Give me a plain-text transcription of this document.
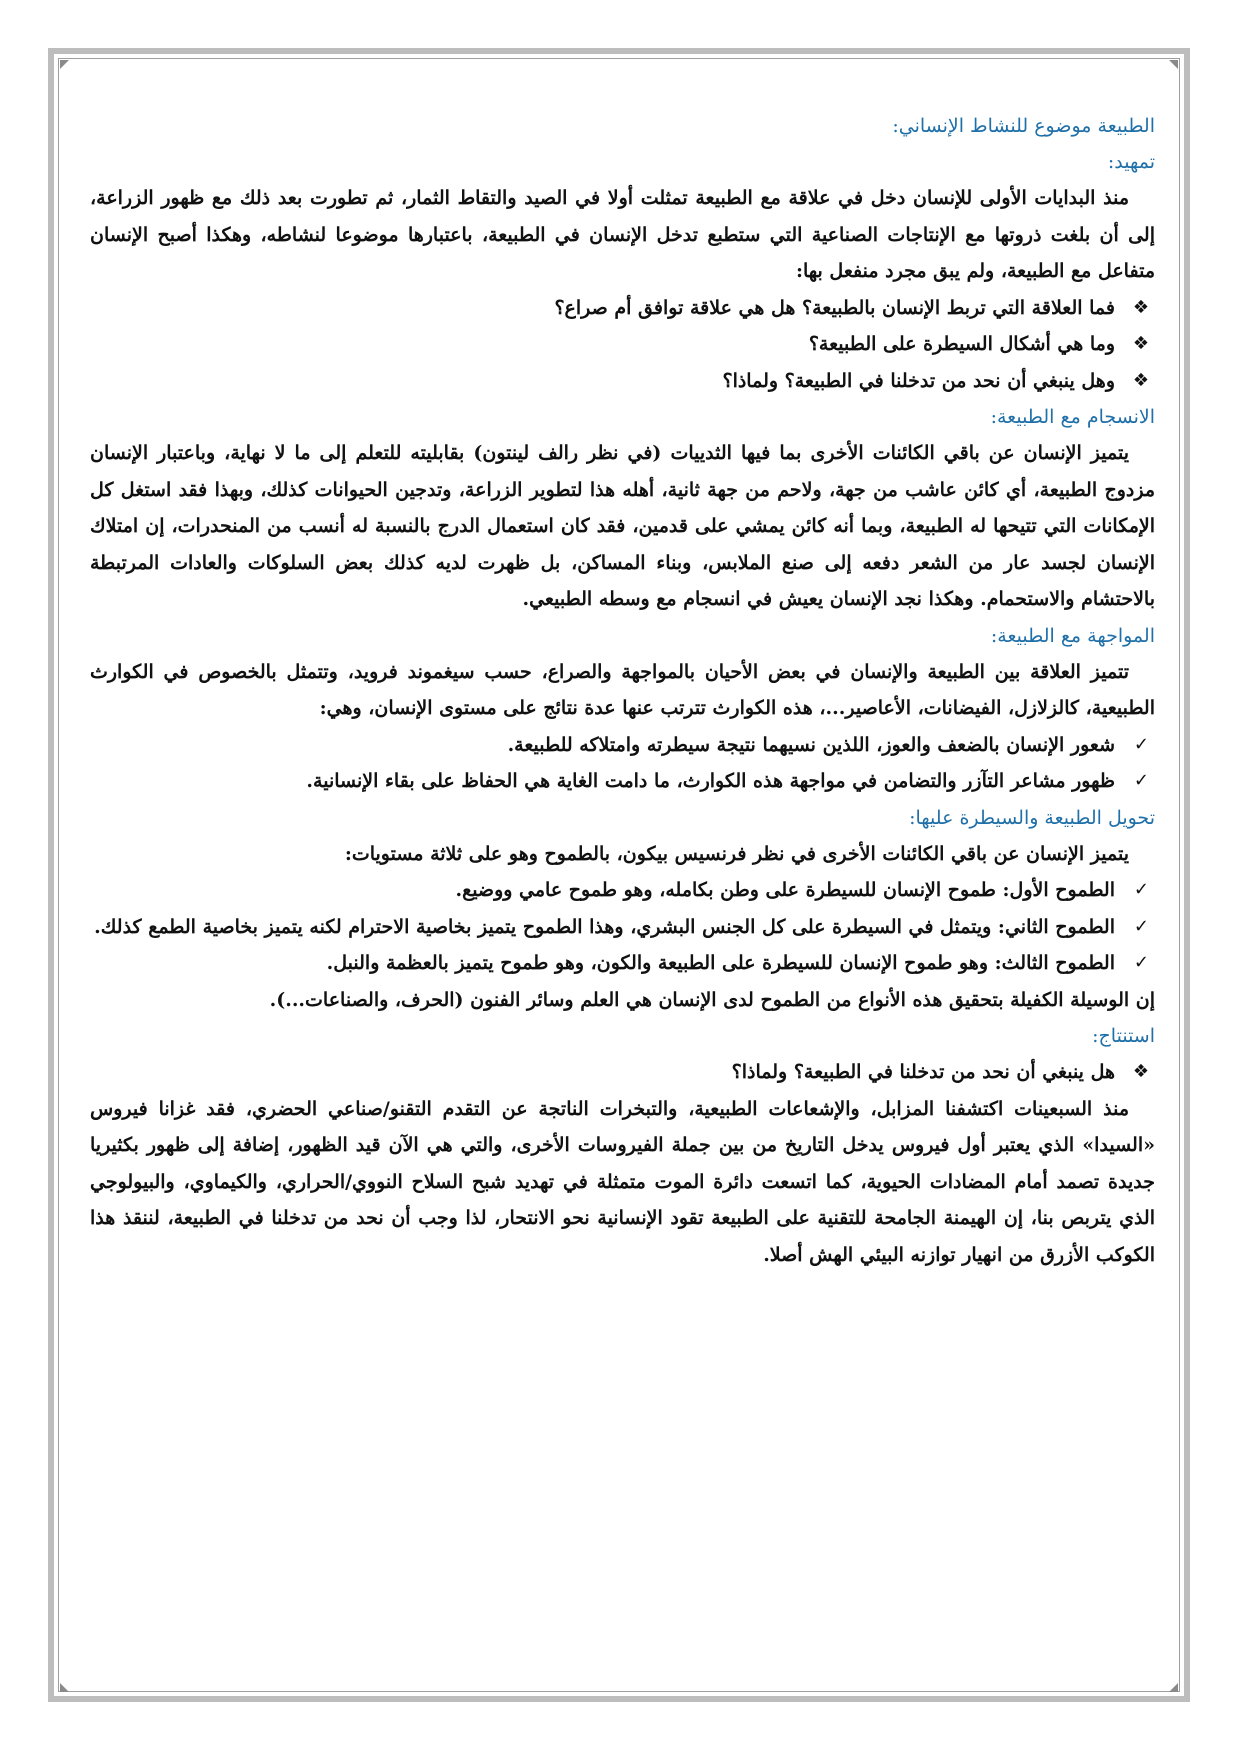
الطبيعة موضوع للنشاط الإنساني:
تمهيد:

منذ البدايات الأولى للإنسان دخل في علاقة مع الطبيعة تمثلت أولا في الصيد والتقاط الثمار، ثم تطورت بعد ذلك مع ظهور الزراعة، إلى أن بلغت ذروتها مع الإنتاجات الصناعية التي ستطبع تدخل الإنسان في الطبيعة، باعتبارها موضوعا لنشاطه، وهكذا أصبح الإنسان متفاعل مع الطبيعة، ولم يبق مجرد منفعل بها:

❖
فما العلاقة التي تربط الإنسان بالطبيعة؟ هل هي علاقة توافق أم صراع؟
❖
وما هي أشكال السيطرة على الطبيعة؟
❖
وهل ينبغي أن نحد من تدخلنا في الطبيعة؟ ولماذا؟
الانسجام مع الطبيعة:

يتميز الإنسان عن باقي الكائنات الأخرى بما فيها الثدييات (في نظر رالف لينتون) بقابليته للتعلم إلى ما لا نهاية، وباعتبار الإنسان مزدوج الطبيعة، أي كائن عاشب من جهة، ولاحم من جهة ثانية، أهله هذا لتطوير الزراعة، وتدجين الحيوانات كذلك، وبهذا فقد استغل كل الإمكانات التي تتيحها له الطبيعة، وبما أنه كائن يمشي على قدمين، فقد كان استعمال الدرج بالنسبة له أنسب من المنحدرات، إن امتلاك الإنسان لجسد عار من الشعر دفعه إلى صنع الملابس، وبناء المساكن، بل ظهرت لديه كذلك بعض السلوكات والعادات المرتبطة بالاحتشام والاستحمام. وهكذا نجد الإنسان يعيش في انسجام مع وسطه الطبيعي.

المواجهة مع الطبيعة:

تتميز العلاقة بين الطبيعة والإنسان في بعض الأحيان بالمواجهة والصراع، حسب سيغموند فرويد، وتتمثل بالخصوص في الكوارث الطبيعية، كالزلازل، الفيضانات، الأعاصير...، هذه الكوارث تترتب عنها عدة نتائج على مستوى الإنسان، وهي:

✓
شعور الإنسان بالضعف والعوز، اللذين نسيهما نتيجة سيطرته وامتلاكه للطبيعة.
✓
ظهور مشاعر التآزر والتضامن في مواجهة هذه الكوارث، ما دامت الغاية هي الحفاظ على بقاء الإنسانية.
تحويل الطبيعة والسيطرة عليها:

يتميز الإنسان عن باقي الكائنات الأخرى في نظر فرنسيس بيكون، بالطموح وهو على ثلاثة مستويات:

✓
الطموح الأول: طموح الإنسان للسيطرة على وطن بكامله، وهو طموح عامي ووضيع.
✓
الطموح الثاني: ويتمثل في السيطرة على كل الجنس البشري، وهذا الطموح يتميز بخاصية الاحترام لكنه يتميز بخاصية الطمع كذلك.
✓
الطموح الثالث: وهو طموح الإنسان للسيطرة على الطبيعة والكون، وهو طموح يتميز بالعظمة والنبل.

إن الوسيلة الكفيلة بتحقيق هذه الأنواع من الطموح لدى الإنسان هي العلم وسائر الفنون (الحرف، والصناعات...).

استنتاج:
❖
هل ينبغي أن نحد من تدخلنا في الطبيعة؟ ولماذا؟

منذ السبعينات اكتشفنا المزابل، والإشعاعات الطبيعية، والتبخرات الناتجة عن التقدم التقنو/صناعي الحضري، فقد غزانا فيروس «السيدا» الذي يعتبر أول فيروس يدخل التاريخ من بين جملة الفيروسات الأخرى، والتي هي الآن قيد الظهور، إضافة إلى ظهور بكثيريا جديدة تصمد أمام المضادات الحيوية، كما اتسعت دائرة الموت متمثلة في تهديد شبح السلاح النووي/الحراري، والكيماوي، والبيولوجي الذي يتربص بنا، إن الهيمنة الجامحة للتقنية على الطبيعة تقود الإنسانية نحو الانتحار، لذا وجب أن نحد من تدخلنا في الطبيعة، لننقذ هذا الكوكب الأزرق من انهيار توازنه البيئي الهش أصلا.
